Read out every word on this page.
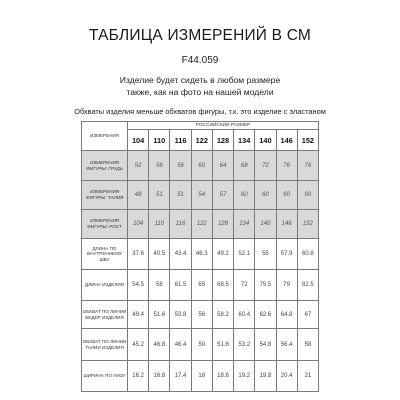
ТАБЛИЦА ИЗМЕРЕНИЙ В СМ
F44.059
Изделие будет сидеть в любом размере также, как на фото на нашей модели
Обхваты изделия меньше обхватов фигуры, т.к. это изделие с эластаном
ИЗМЕРЕНИЯ	РОССИЙСКИЙ РАЗМЕР								
	104	110	116	122	128	134	140	146	152
ИЗМЕРЕНИЯ ФИГУРЫ: ГРУДЬ	52	56	56	60	64	68	72	76	76
ИЗМЕРЕНИЯ ФИГУРЫ: ТАЛИЯ	48	51	51	54	57	60	60	60	60
ИЗМЕРЕНИЯ ФИГУРЫ: РОСТ	104	110	116	122	128	134	140	146	152
ДЛИНА ПО ВНУТРЕННЕМУ ШВУ	37.6	40.5	43.4	46.3	49.2	52.1	55	57.9	60.8
ДЛИНА ИЗДЕЛИЯ	54.5	58	61.5	65	68.5	72	75.5	79	82.5
ОБХВАТ ПО ЛИНИИ БЕДЕР ИЗДЕЛИЯ	49.4	51.6	53.8	56	58.2	60.4	62.6	64.8	67
ОБХВАТ ПО ЛИНИИ ТАЛИИ ИЗДЕЛИЯ	45.2	46.8	46.4	50	51.6	53.2	54.8	56.4	58
ШИРИНА ПО НИЗУ	16.2	16.8	17.4	18	18.6	19.2	19.8	20.4	21
